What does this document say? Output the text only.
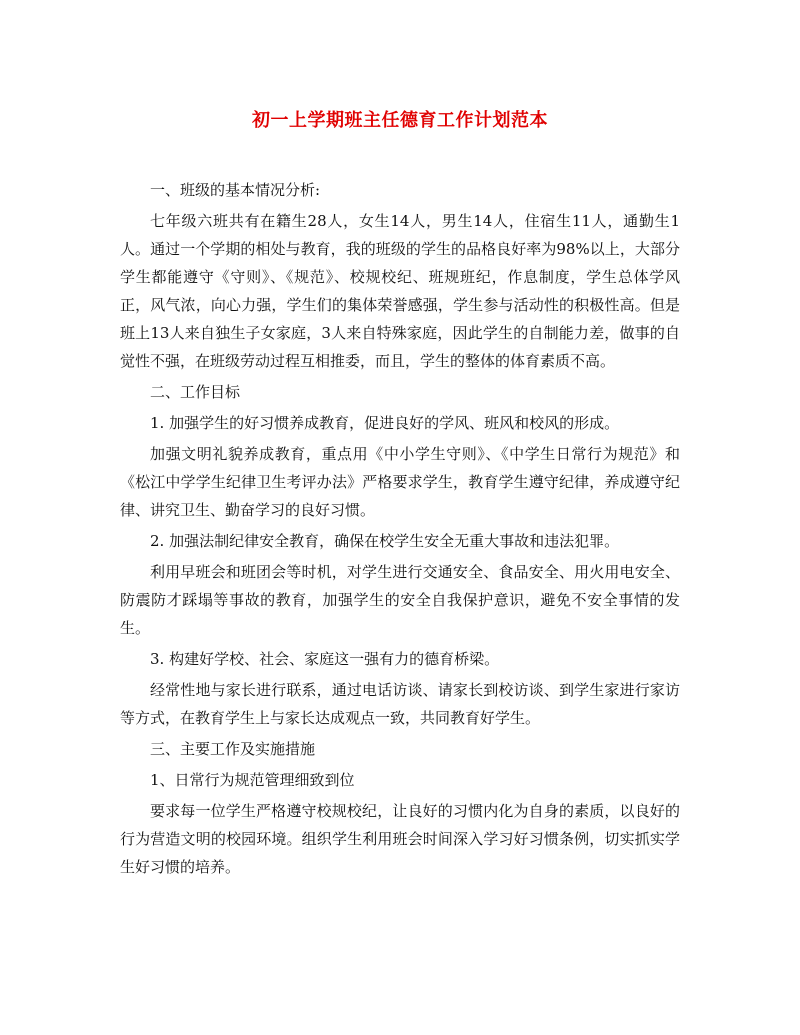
初一上学期班主任德育工作计划范本

一、班级的基本情况分析:

七年级六班共有在籍生28人，女生14人，男生14人，住宿生11人，通勤生1人。通过一个学期的相处与教育，我的班级的学生的品格良好率为98%以上，大部分学生都能遵守《守则》、《规范》、校规校纪、班规班纪，作息制度，学生总体学风正，风气浓，向心力强，学生们的集体荣誉感强，学生参与活动性的积极性高。但是班上13人来自独生子女家庭，3人来自特殊家庭，因此学生的自制能力差，做事的自觉性不强，在班级劳动过程互相推委，而且，学生的整体的体育素质不高。

二、工作目标

1. 加强学生的好习惯养成教育，促进良好的学风、班风和校风的形成。

加强文明礼貌养成教育，重点用《中小学生守则》、《中学生日常行为规范》和《松江中学学生纪律卫生考评办法》严格要求学生，教育学生遵守纪律，养成遵守纪律、讲究卫生、勤奋学习的良好习惯。

2. 加强法制纪律安全教育，确保在校学生安全无重大事故和违法犯罪。

利用早班会和班团会等时机，对学生进行交通安全、食品安全、用火用电安全、防震防才踩塌等事故的教育，加强学生的安全自我保护意识，避免不安全事情的发生。

3. 构建好学校、社会、家庭这一强有力的德育桥梁。

经常性地与家长进行联系，通过电话访谈、请家长到校访谈、到学生家进行家访等方式，在教育学生上与家长达成观点一致，共同教育好学生。

三、主要工作及实施措施

1、日常行为规范管理细致到位

要求每一位学生严格遵守校规校纪，让良好的习惯内化为自身的素质，以良好的行为营造文明的校园环境。组织学生利用班会时间深入学习好习惯条例，切实抓实学生好习惯的培养。
